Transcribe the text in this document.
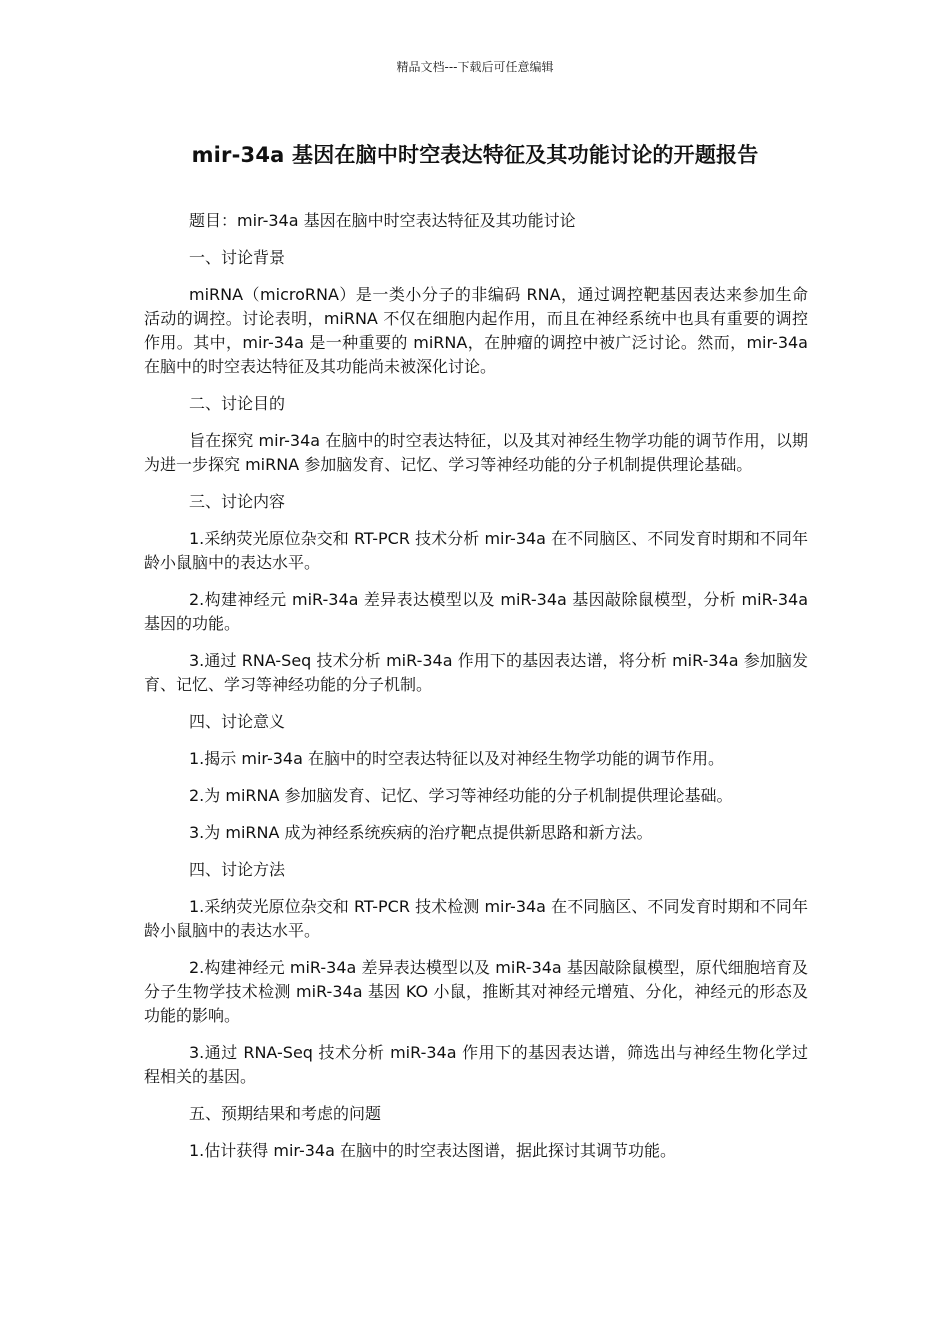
精品文档---下载后可任意编辑
mir-34a 基因在脑中时空表达特征及其功能讨论的开题报告

题目：mir-34a 基因在脑中时空表达特征及其功能讨论

一、讨论背景

miRNA（microRNA）是一类小分子的非编码 RNA，通过调控靶基因表达来参加生命活动的调控。讨论表明，miRNA 不仅在细胞内起作用，而且在神经系统中也具有重要的调控作用。其中，mir-34a 是一种重要的 miRNA，在肿瘤的调控中被广泛讨论。然而，mir-34a 在脑中的时空表达特征及其功能尚未被深化讨论。

二、讨论目的

旨在探究 mir-34a 在脑中的时空表达特征，以及其对神经生物学功能的调节作用，以期为进一步探究 miRNA 参加脑发育、记忆、学习等神经功能的分子机制提供理论基础。

三、讨论内容

1.采纳荧光原位杂交和 RT-PCR 技术分析 mir-34a 在不同脑区、不同发育时期和不同年龄小鼠脑中的表达水平。

2.构建神经元 miR-34a 差异表达模型以及 miR-34a 基因敲除鼠模型，分析 miR-34a 基因的功能。

3.通过 RNA-Seq 技术分析 miR-34a 作用下的基因表达谱，将分析 miR-34a 参加脑发育、记忆、学习等神经功能的分子机制。

四、讨论意义

1.揭示 mir-34a 在脑中的时空表达特征以及对神经生物学功能的调节作用。

2.为 miRNA 参加脑发育、记忆、学习等神经功能的分子机制提供理论基础。

3.为 miRNA 成为神经系统疾病的治疗靶点提供新思路和新方法。

四、讨论方法

1.采纳荧光原位杂交和 RT-PCR 技术检测 mir-34a 在不同脑区、不同发育时期和不同年龄小鼠脑中的表达水平。

2.构建神经元 miR-34a 差异表达模型以及 miR-34a 基因敲除鼠模型，原代细胞培育及分子生物学技术检测 miR-34a 基因 KO 小鼠，推断其对神经元增殖、分化，神经元的形态及功能的影响。

3.通过 RNA-Seq 技术分析 miR-34a 作用下的基因表达谱，筛选出与神经生物化学过程相关的基因。

五、预期结果和考虑的问题

1.估计获得 mir-34a 在脑中的时空表达图谱，据此探讨其调节功能。
